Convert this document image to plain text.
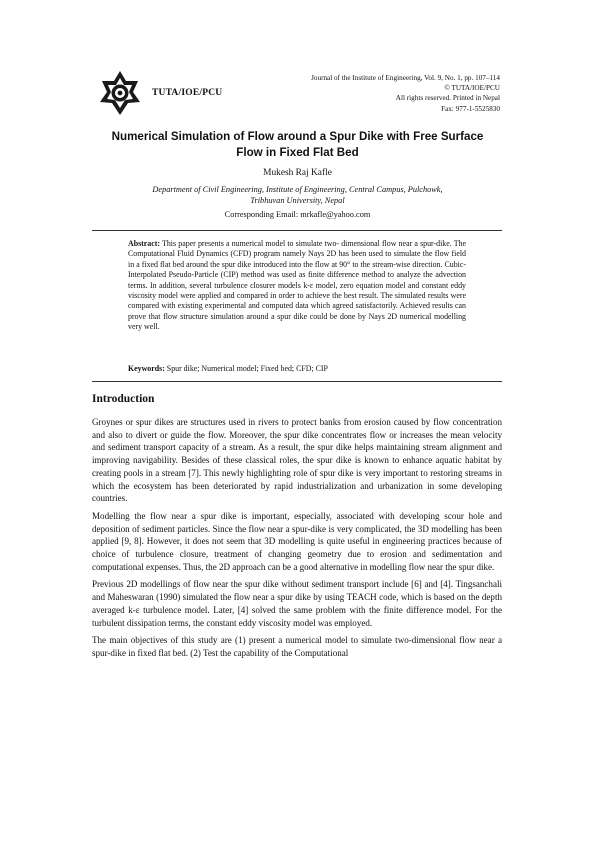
TUTA/IOE/PCU
Journal of the Institute of Engineering, Vol. 9, No. 1, pp. 107–114
© TUTA/IOE/PCU
All rights reserved. Printed in Nepal
Fax: 977-1-5525830
Numerical Simulation of Flow around a Spur Dike with Free Surface Flow in Fixed Flat Bed
Mukesh Raj Kafle
Department of Civil Engineering, Institute of Engineering, Central Campus, Pulchowk, Tribhuvan University, Nepal
Corresponding Email: mrkafle@yahoo.com

Abstract: This paper presents a numerical model to simulate two- dimensional flow near a spur-dike. The Computational Fluid Dynamics (CFD) program namely Nays 2D has been used to simulate the flow field in a fixed flat bed around the spur dike introduced into the flow at 90° to the stream-wise direction. Cubic-Interpolated Pseudo-Particle (CIP) method was used as finite difference method to analyze the advection terms. In addition, several turbulence closurer models k-ε model, zero equation model and constant eddy viscosity model were applied and compared in order to achieve the best result. The simulated results were compared with existing experimental and computed data which agreed satisfactorily. Achieved results can prove that flow structure simulation around a spur dike could be done by Nays 2D numerical modelling very well.

Keywords: Spur dike; Numerical model; Fixed bed; CFD; CIP

Introduction

Groynes or spur dikes are structures used in rivers to protect banks from erosion caused by flow concentration and also to divert or guide the flow. Moreover, the spur dike concentrates flow or increases the mean velocity and sediment transport capacity of a stream. As a result, the spur dike helps maintaining stream alignment and improving navigability. Besides of these classical roles, the spur dike is known to enhance aquatic habitat by creating pools in a stream [7]. This newly highlighting role of spur dike is very important to restoring streams in which the ecosystem has been deteriorated by rapid industrialization and urbanization in some developing countries.

Modelling the flow near a spur dike is important, especially, associated with developing scour hole and deposition of sediment particles. Since the flow near a spur-dike is very complicated, the 3D modelling has been applied [9, 8]. However, it does not seem that 3D modelling is quite useful in engineering practices because of choice of turbulence closure, treatment of changing geometry due to erosion and sedimentation and computational expenses. Thus, the 2D approach can be a good alternative in modelling flow near the spur dike.

Previous 2D modellings of flow near the spur dike without sediment transport include [6] and [4]. Tingsanchali and Maheswaran (1990) simulated the flow near a spur dike by using TEACH code, which is based on the depth averaged k-ε turbulence model. Later, [4] solved the same problem with the finite difference model. For the turbulent dissipation terms, the constant eddy viscosity model was employed.

The main objectives of this study are (1) present a numerical model to simulate two-dimensional flow near a spur-dike in fixed flat bed. (2) Test the capability of the Computational
